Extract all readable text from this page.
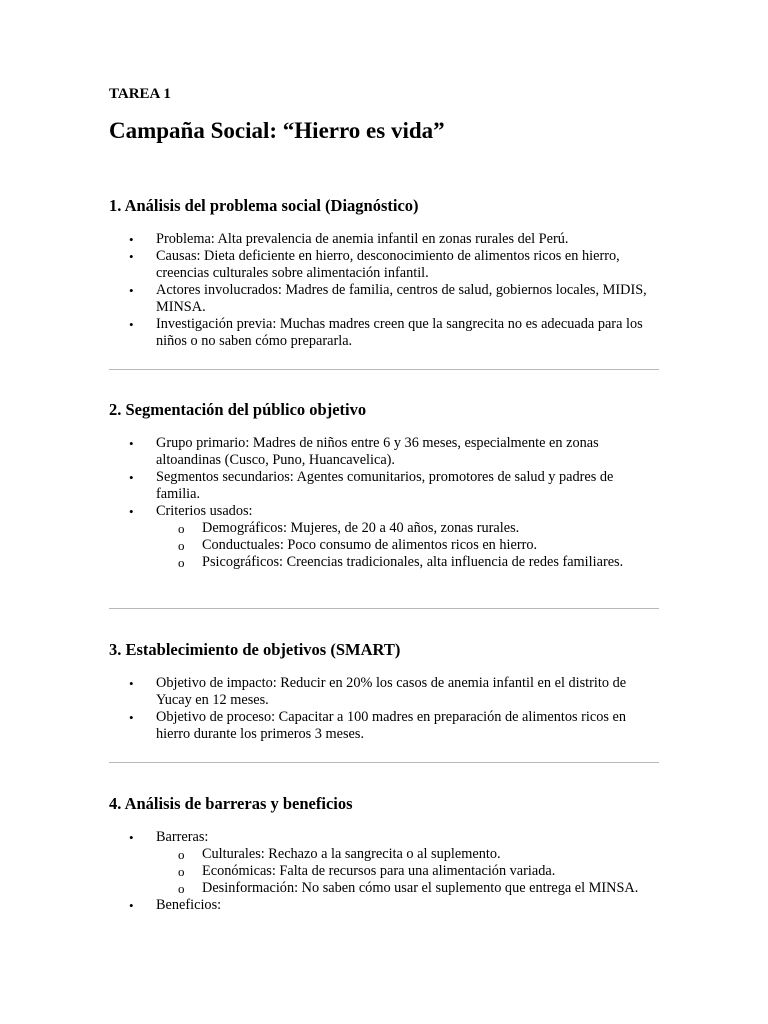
TAREA 1

Campaña Social: “Hierro es vida”
1. Análisis del problema social (Diagnóstico)
• Problema: Alta prevalencia de anemia infantil en zonas rurales del Perú.
• Causas: Dieta deficiente en hierro, desconocimiento de alimentos ricos en hierro, creencias culturales sobre alimentación infantil.
• Actores involucrados: Madres de familia, centros de salud, gobiernos locales, MIDIS, MINSA.
• Investigación previa: Muchas madres creen que la sangrecita no es adecuada para los niños o no saben cómo prepararla.
2. Segmentación del público objetivo
• Grupo primario: Madres de niños entre 6 y 36 meses, especialmente en zonas altoandinas (Cusco, Puno, Huancavelica).
• Segmentos secundarios: Agentes comunitarios, promotores de salud y padres de familia.
• Criterios usados:
o Demográficos: Mujeres, de 20 a 40 años, zonas rurales.
o Conductuales: Poco consumo de alimentos ricos en hierro.
o Psicográficos: Creencias tradicionales, alta influencia de redes familiares.
3. Establecimiento de objetivos (SMART)
• Objetivo de impacto: Reducir en 20% los casos de anemia infantil en el distrito de Yucay en 12 meses.
• Objetivo de proceso: Capacitar a 100 madres en preparación de alimentos ricos en hierro durante los primeros 3 meses.
4. Análisis de barreras y beneficios
• Barreras:
o Culturales: Rechazo a la sangrecita o al suplemento.
o Económicas: Falta de recursos para una alimentación variada.
o Desinformación: No saben cómo usar el suplemento que entrega el MINSA.
• Beneficios:
